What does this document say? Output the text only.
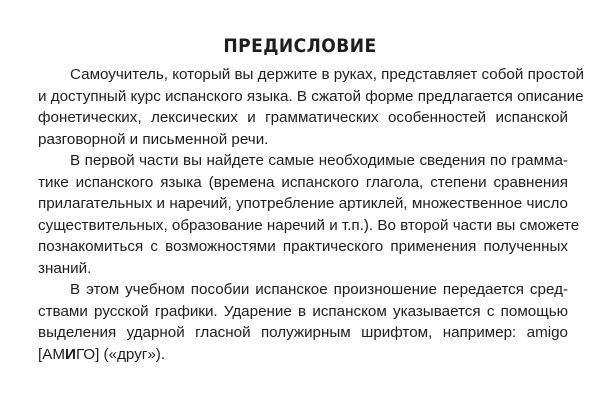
ПРЕДИСЛОВИЕ
Самоучитель, который вы держите в руках, представляет собой простой
и доступный курс испанского языка. В сжатой форме предлагается описание
фонетических, лексических и грамматических особенностей испанской
разговорной и письменной речи.
В первой части вы найдете самые необходимые сведения по грамма-
тике испанского языка (времена испанского глагола, степени сравнения
прилагательных и наречий, употребление артиклей, множественное число
существительных, образование наречий и т.п.). Во второй части вы сможете
познакомиться с возможностями практического применения полученных
знаний.
В этом учебном пособии испанское произношение передается сред-
ствами русской графики. Ударение в испанском указывается с помощью
выделения ударной гласной полужирным шрифтом, например: amigo
[АМИГО] («друг»).
